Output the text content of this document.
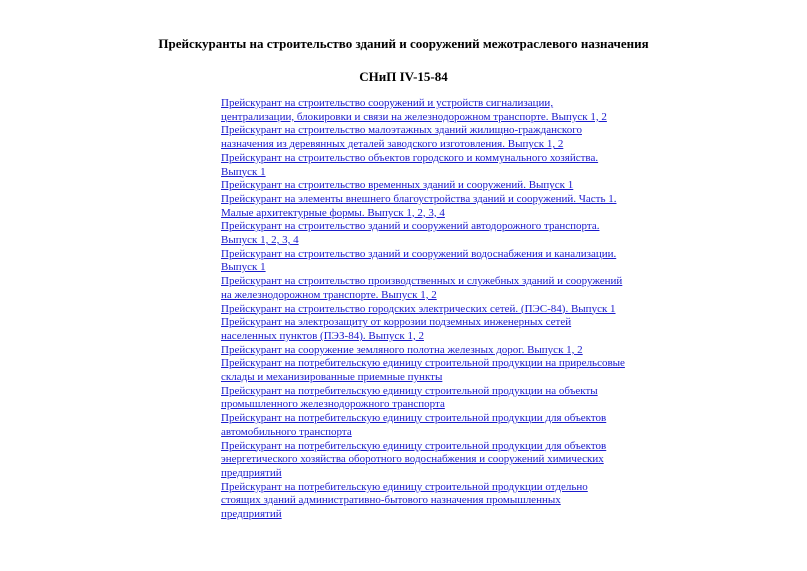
Прейскуранты на строительство зданий и сооружений межотраслевого назначения
СНиП IV-15-84
Прейскурант на строительство сооружений и устройств сигнализации,
централизации, блокировки и связи на железнодорожном транспорте. Выпуск 1, 2
Прейскурант на строительство малоэтажных зданий жилищно-гражданского
назначения из деревянных деталей заводского изготовления. Выпуск 1, 2
Прейскурант на строительство объектов городского и коммунального хозяйства.
Выпуск 1
Прейскурант на строительство временных зданий и сооружений. Выпуск 1
Прейскурант на элементы внешнего благоустройства зданий и сооружений. Часть 1.
Малые архитектурные формы. Выпуск 1, 2, 3, 4
Прейскурант на строительство зданий и сооружений автодорожного транспорта.
Выпуск 1, 2, 3, 4
Прейскурант на строительство зданий и сооружений водоснабжения и канализации.
Выпуск 1
Прейскурант на строительство производственных и служебных зданий и сооружений
на железнодорожном транспорте. Выпуск 1, 2
Прейскурант на строительство городских электрических сетей. (ПЭС-84). Выпуск 1
Прейскурант на электрозащиту от коррозии подземных инженерных сетей
населенных пунктов (ПЭЗ-84). Выпуск 1, 2
Прейскурант на сооружение земляного полотна железных дорог. Выпуск 1, 2
Прейскурант на потребительскую единицу строительной продукции на прирельсовые
склады и механизированные приемные пункты
Прейскурант на потребительскую единицу строительной продукции на объекты
промышленного железнодорожного транспорта
Прейскурант на потребительскую единицу строительной продукции для объектов
автомобильного транспорта
Прейскурант на потребительскую единицу строительной продукции для объектов
энергетического хозяйства оборотного водоснабжения и сооружений химических
предприятий
Прейскурант на потребительскую единицу строительной продукции отдельно
стоящих зданий административно-бытового назначения промышленных
предприятий
